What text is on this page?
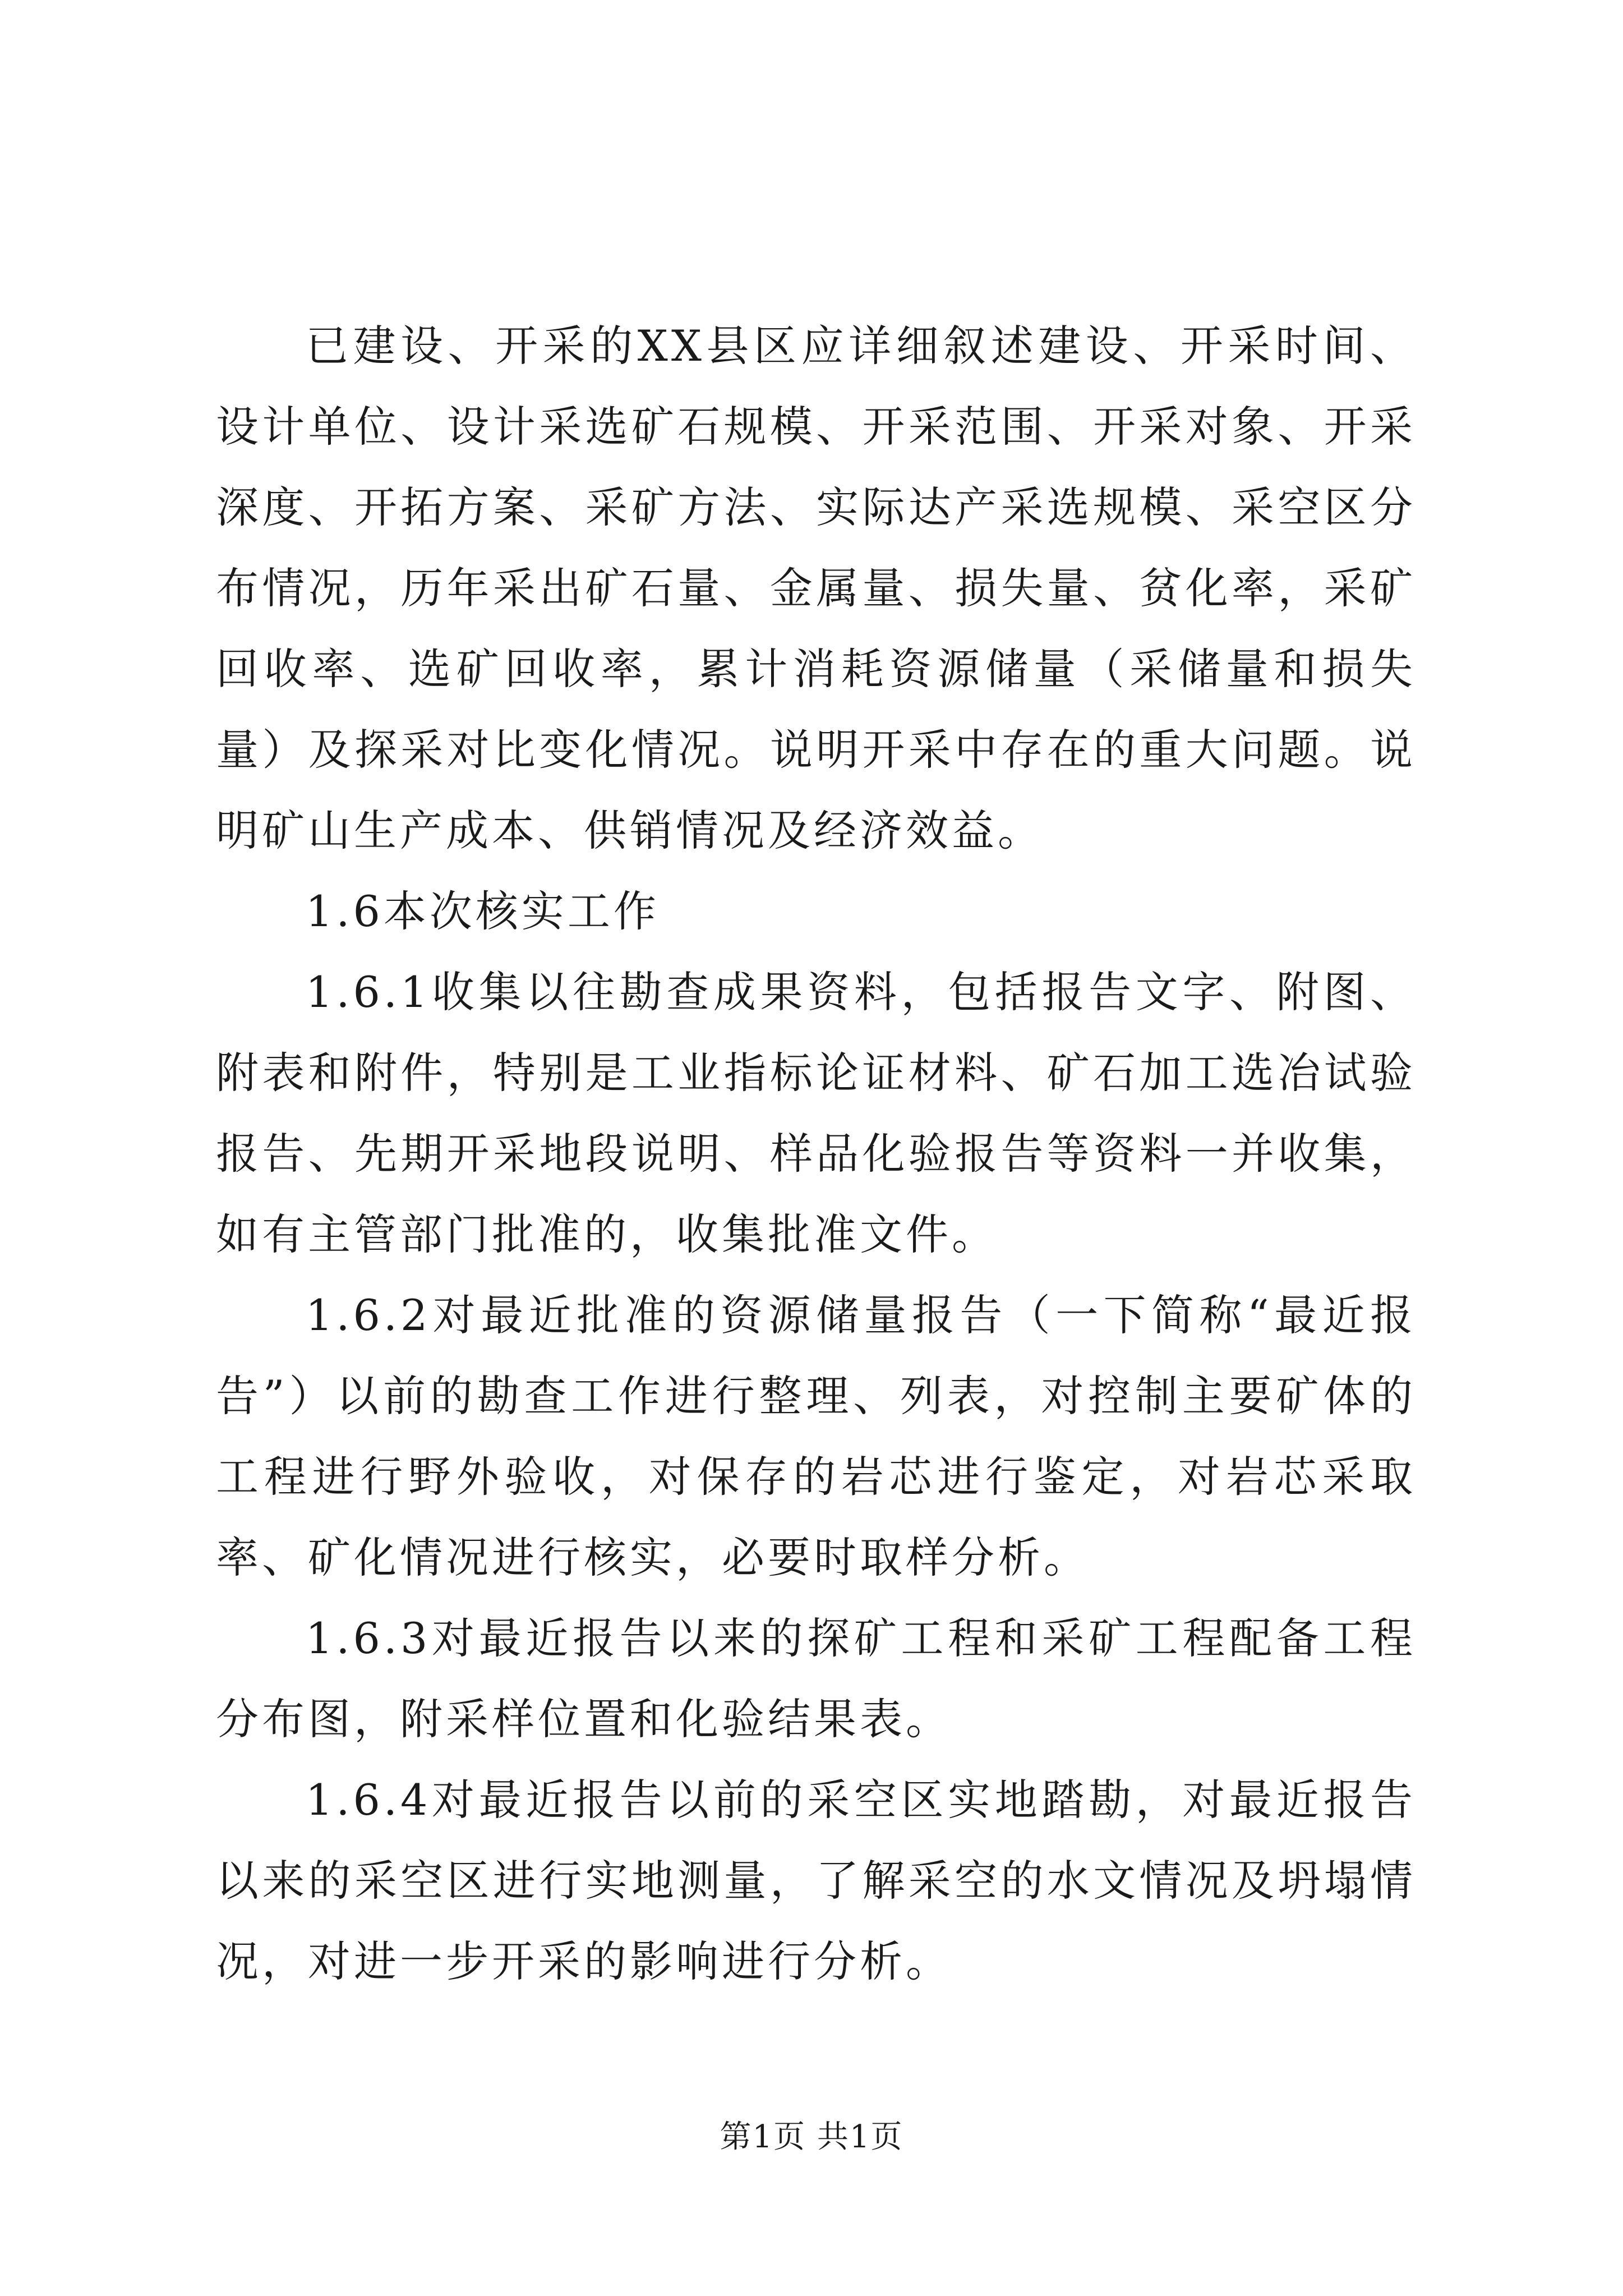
已建设、开采的XX县区应详细叙述建设、开采时间、设计单位、设计采选矿石规模、开采范围、开采对象、开采深度、开拓方案、采矿方法、实际达产采选规模、采空区分布情况，历年采出矿石量、金属量、损失量、贫化率，采矿回收率、选矿回收率，累计消耗资源储量（采储量和损失量）及探采对比变化情况。说明开采中存在的重大问题。说明矿山生产成本、供销情况及经济效益。

1.6本次核实工作

1.6.1收集以往勘查成果资料，包括报告文字、附图、附表和附件，特别是工业指标论证材料、矿石加工选冶试验报告、先期开采地段说明、样品化验报告等资料一并收集，如有主管部门批准的，收集批准文件。

1.6.2对最近批准的资源储量报告（一下简称“最近报告”）以前的勘查工作进行整理、列表，对控制主要矿体的工程进行野外验收，对保存的岩芯进行鉴定，对岩芯采取率、矿化情况进行核实，必要时取样分析。

1.6.3对最近报告以来的探矿工程和采矿工程配备工程分布图，附采样位置和化验结果表。

1.6.4对最近报告以前的采空区实地踏勘，对最近报告以来的采空区进行实地测量，了解采空的水文情况及坍塌情况，对进一步开采的影响进行分析。

第1页 共1页
